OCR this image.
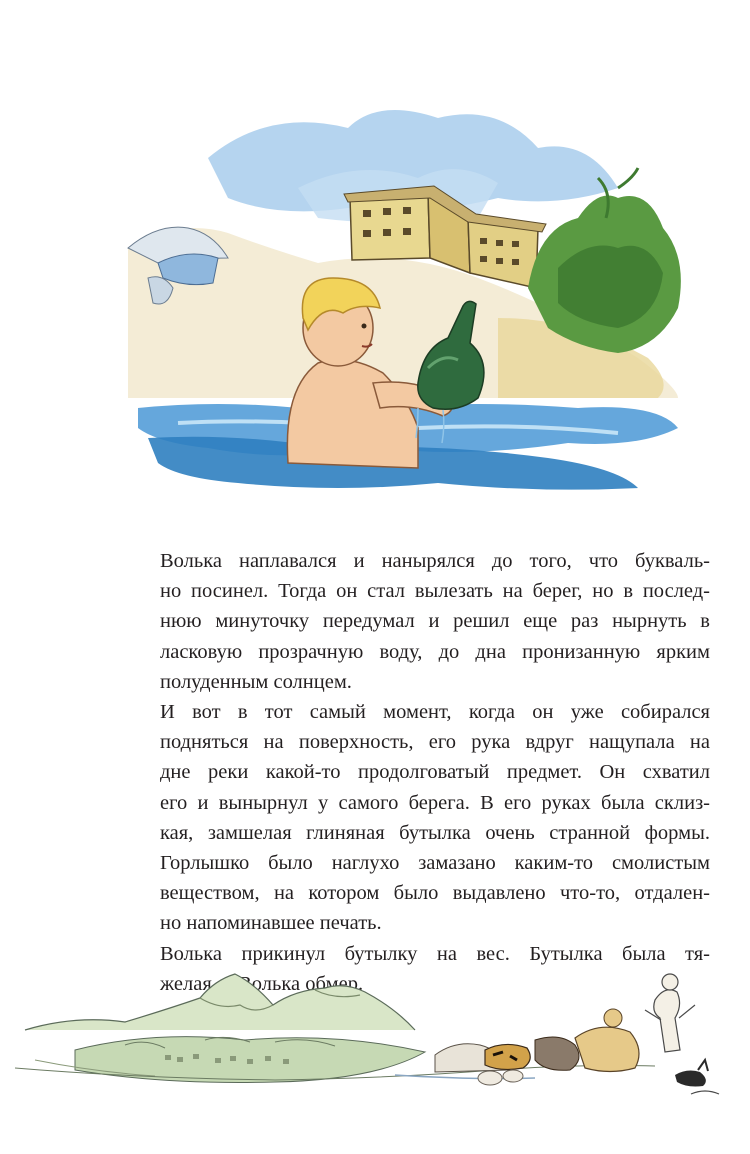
Волька наплавался и нанырялся до того, что букваль-
но посинел. Тогда он стал вылезать на берег, но в послед-
нюю минуточку передумал и решил еще раз нырнуть в
ласковую прозрачную воду, до дна пронизанную ярким
полуденным солнцем.

И вот в тот самый момент, когда он уже собирался
подняться на поверхность, его рука вдруг нащупала на
дне реки какой-то продолговатый предмет. Он схватил
его и вынырнул у самого берега. В его руках была склиз-
кая, замшелая глиняная бутылка очень странной формы.
Горлышко было наглухо замазано каким-то смолистым
веществом, на котором было выдавлено что-то, отдален-
но напоминавшее печать.

Волька прикинул бутылку на вес. Бутылка была тя-
желая, и Волька обмер.
